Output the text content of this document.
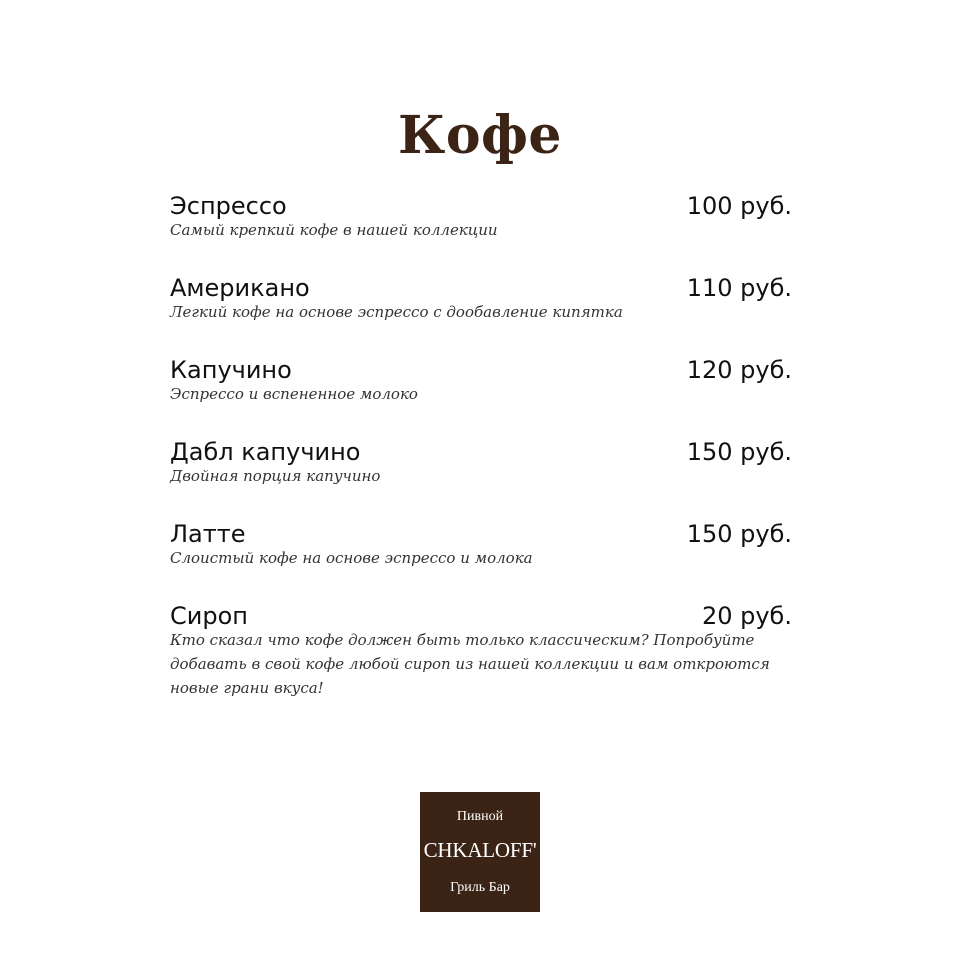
Кофе
Эспрессо	100 руб.
Самый крепкий кофе в нашей коллекции
Американо	110 руб.
Легкий кофе на основе эспрессо с дообавление кипятка
Капучино	120 руб.
Эспрессо и вспененное молоко
Дабл капучино	150 руб.
Двойная порция капучино
Латте	150 руб.
Слоистый кофе на основе эспрессо и молока
Сироп	20 руб.
Кто сказал что кофе должен быть только классическим? Попробуйте добавать в свой кофе любой сироп из нашей коллекции и вам откроются новые грани вкуса!
Пивной
CHKALOFF'
Гриль Бар
